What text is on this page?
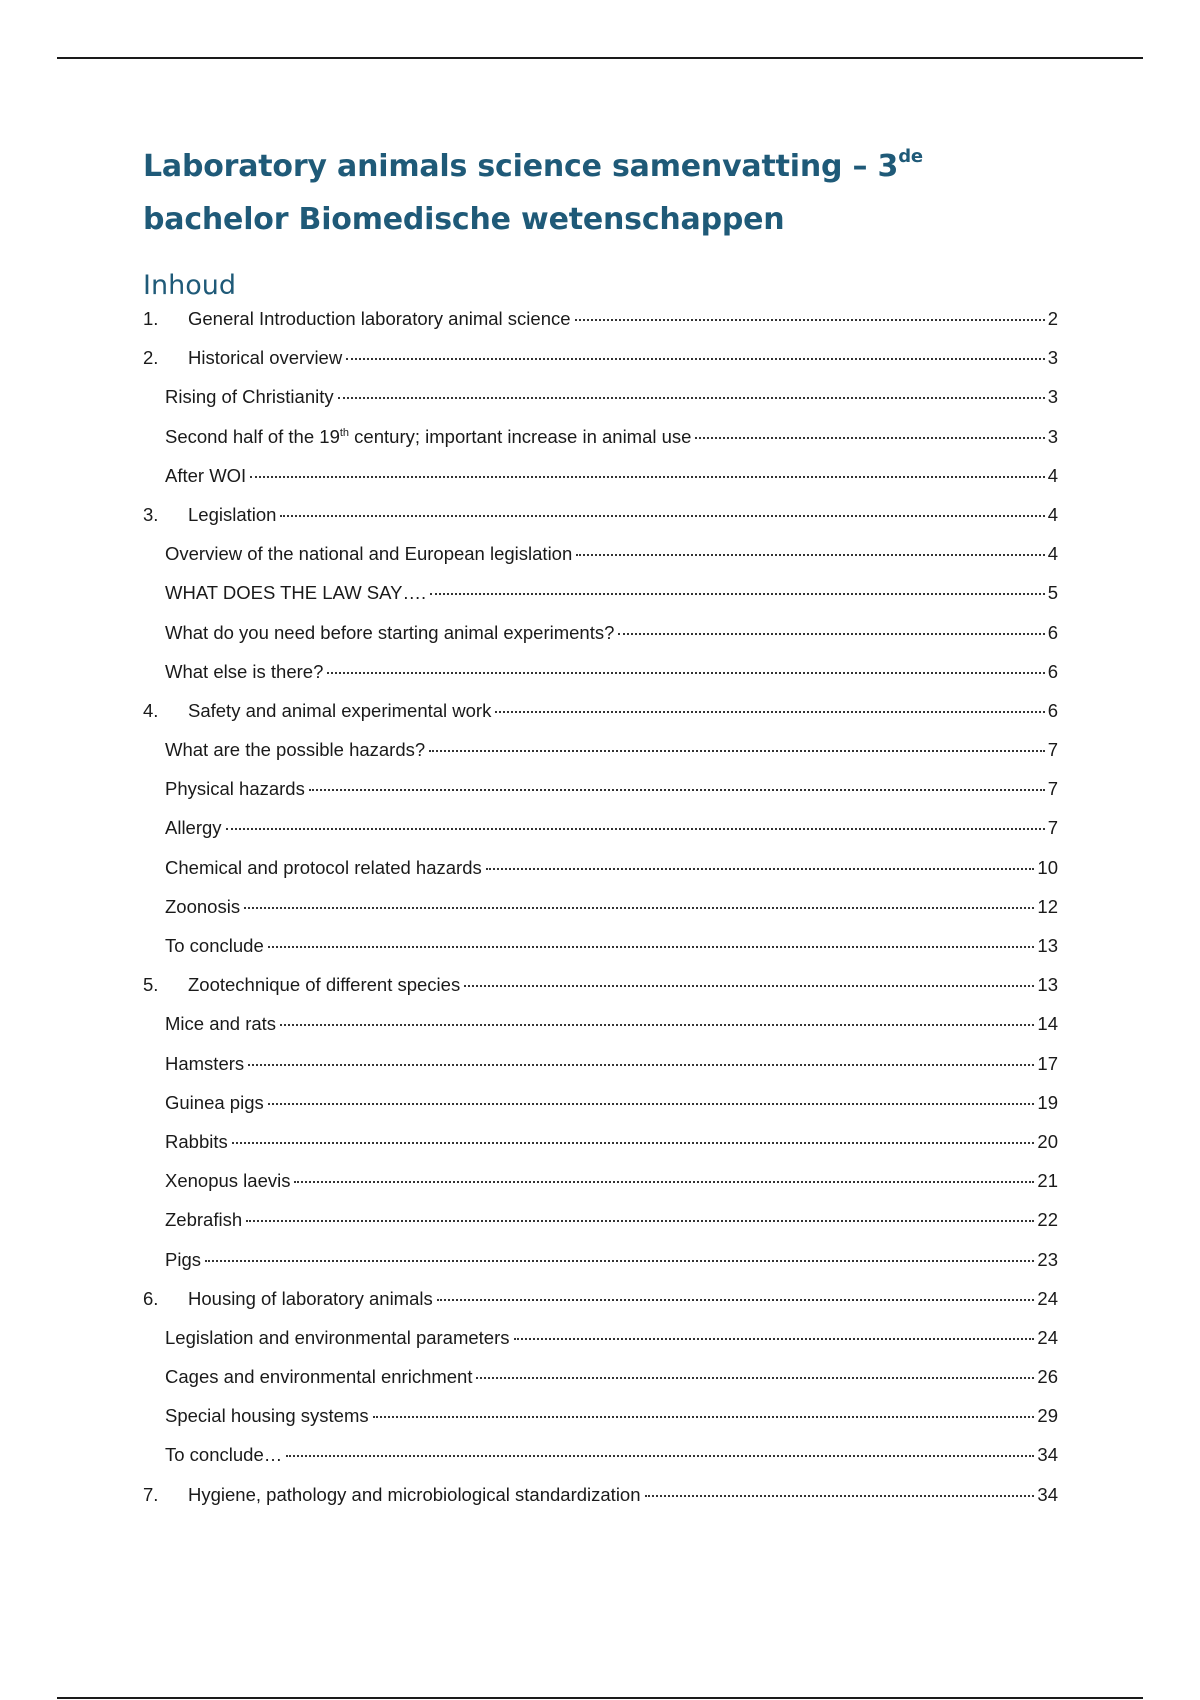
Laboratory animals science samenvatting – 3de
bachelor Biomedische wetenschappen
Inhoud
1.	General Introduction laboratory animal science	2
2.	Historical overview	3
Rising of Christianity	3
Second half of the 19th century; important increase in animal use	3
After WOI	4
3.	Legislation	4
Overview of the national and European legislation	4
WHAT DOES THE LAW SAY….	5
What do you need before starting animal experiments?	6
What else is there?	6
4.	Safety and animal experimental work	6
What are the possible hazards?	7
Physical hazards	7
Allergy	7
Chemical and protocol related hazards	10
Zoonosis	12
To conclude	13
5.	Zootechnique of different species	13
Mice and rats	14
Hamsters	17
Guinea pigs	19
Rabbits	20
Xenopus laevis	21
Zebrafish	22
Pigs	23
6.	Housing of laboratory animals	24
Legislation and environmental parameters	24
Cages and environmental enrichment	26
Special housing systems	29
To conclude…	34
7.	Hygiene, pathology and microbiological standardization	34
